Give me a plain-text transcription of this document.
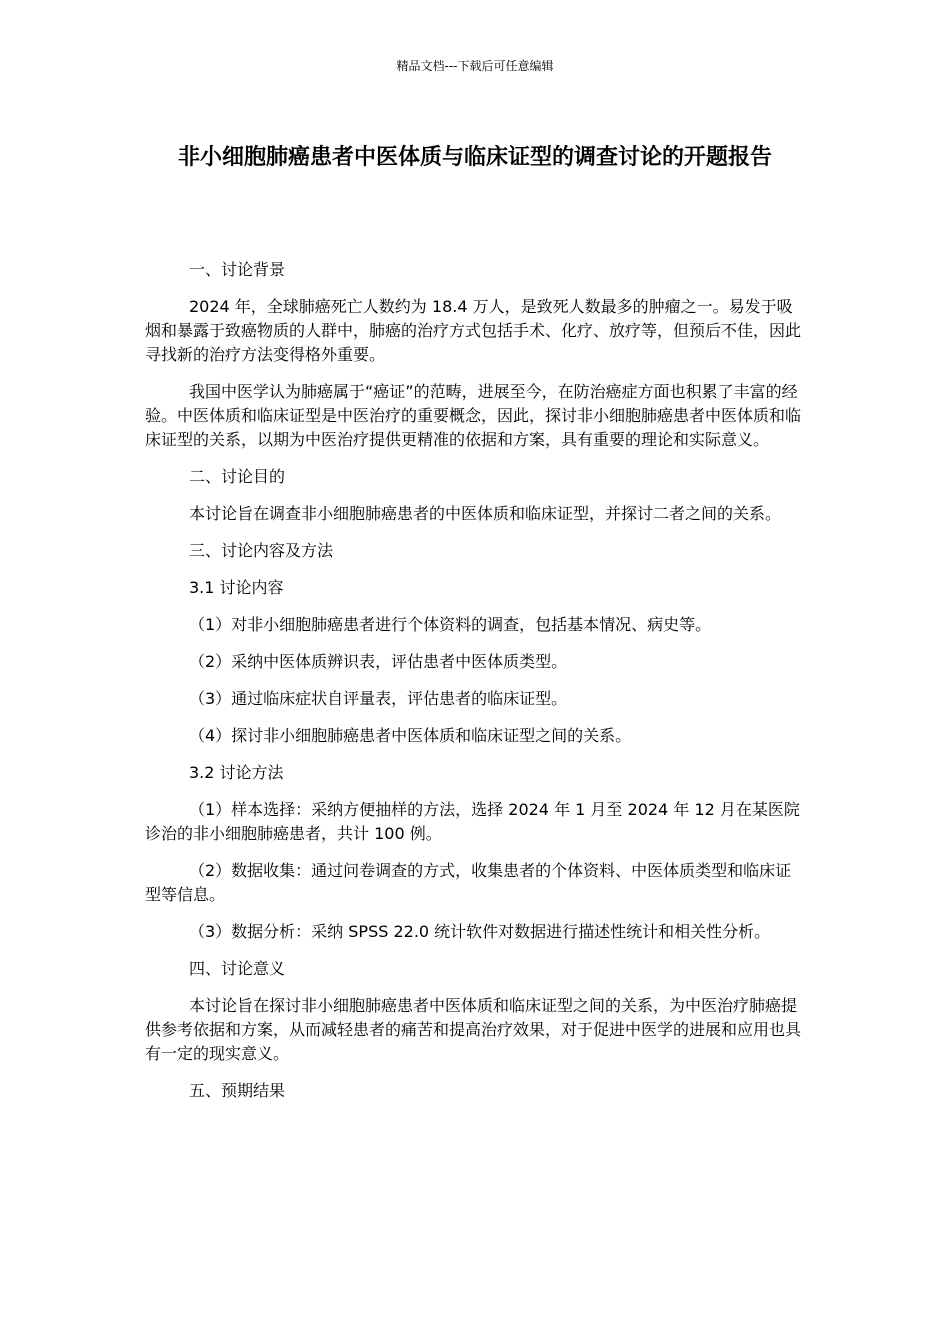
精品文档---下载后可任意编辑
非小细胞肺癌患者中医体质与临床证型的调查讨论的开题报告

一、讨论背景

2024 年，全球肺癌死亡人数约为 18.4 万人，是致死人数最多的肿瘤之一。易发于吸烟和暴露于致癌物质的人群中，肺癌的治疗方式包括手术、化疗、放疗等，但预后不佳，因此寻找新的治疗方法变得格外重要。

我国中医学认为肺癌属于“癌证”的范畴，进展至今，在防治癌症方面也积累了丰富的经验。中医体质和临床证型是中医治疗的重要概念，因此，探讨非小细胞肺癌患者中医体质和临床证型的关系，以期为中医治疗提供更精准的依据和方案，具有重要的理论和实际意义。

二、讨论目的

本讨论旨在调查非小细胞肺癌患者的中医体质和临床证型，并探讨二者之间的关系。

三、讨论内容及方法

3.1 讨论内容

（1）对非小细胞肺癌患者进行个体资料的调查，包括基本情况、病史等。

（2）采纳中医体质辨识表，评估患者中医体质类型。

（3）通过临床症状自评量表，评估患者的临床证型。

（4）探讨非小细胞肺癌患者中医体质和临床证型之间的关系。

3.2 讨论方法

（1）样本选择：采纳方便抽样的方法，选择 2024 年 1 月至 2024 年 12 月在某医院诊治的非小细胞肺癌患者，共计 100 例。

（2）数据收集：通过问卷调查的方式，收集患者的个体资料、中医体质类型和临床证型等信息。

（3）数据分析：采纳 SPSS 22.0 统计软件对数据进行描述性统计和相关性分析。

四、讨论意义

本讨论旨在探讨非小细胞肺癌患者中医体质和临床证型之间的关系，为中医治疗肺癌提供参考依据和方案，从而减轻患者的痛苦和提高治疗效果，对于促进中医学的进展和应用也具有一定的现实意义。

五、预期结果
